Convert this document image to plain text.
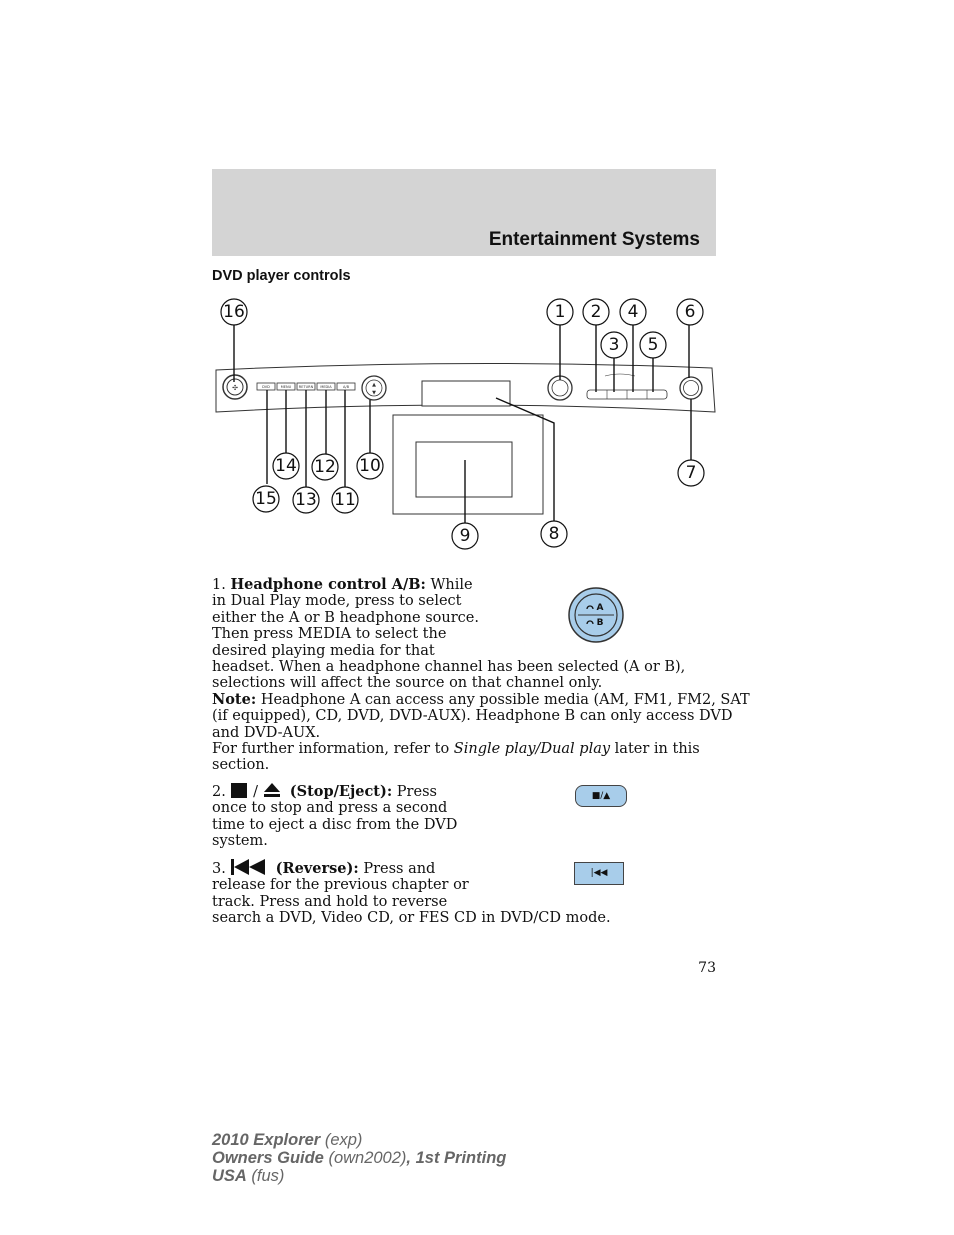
Entertainment Systems
DVD player controls
✣	DVD	MENU RETURN MEDIA	A/B	▲
▼
16	1 2 4	6
3 5
14 12 10	7
15 13 11
9	8
1. Headphone control A/B: While
in Dual Play mode, press to select
either the A or B headphone source.
Then press MEDIA to select the
desired playing media for that
headset. When a headphone channel has been selected (A or B),
selections will affect the source on that channel only.
Note: Headphone A can access any possible media (AM, FM1, FM2, SAT
(if equipped), CD, DVD, DVD-AUX). Headphone B can only access DVD
and DVD-AUX.
For further information, refer to Single play/Dual play later in this
section.
A
B
2. / (Stop/Eject): Press
once to stop and press a second
time to eject a disc from the DVD
system.
■/▲
3.	(Reverse): Press and
release for the previous chapter or
track. Press and hold to reverse
search a DVD, Video CD, or FES CD in DVD/CD mode.
|◀◀
73
2010 Explorer (exp)
Owners Guide (own2002), 1st Printing
USA (fus)
